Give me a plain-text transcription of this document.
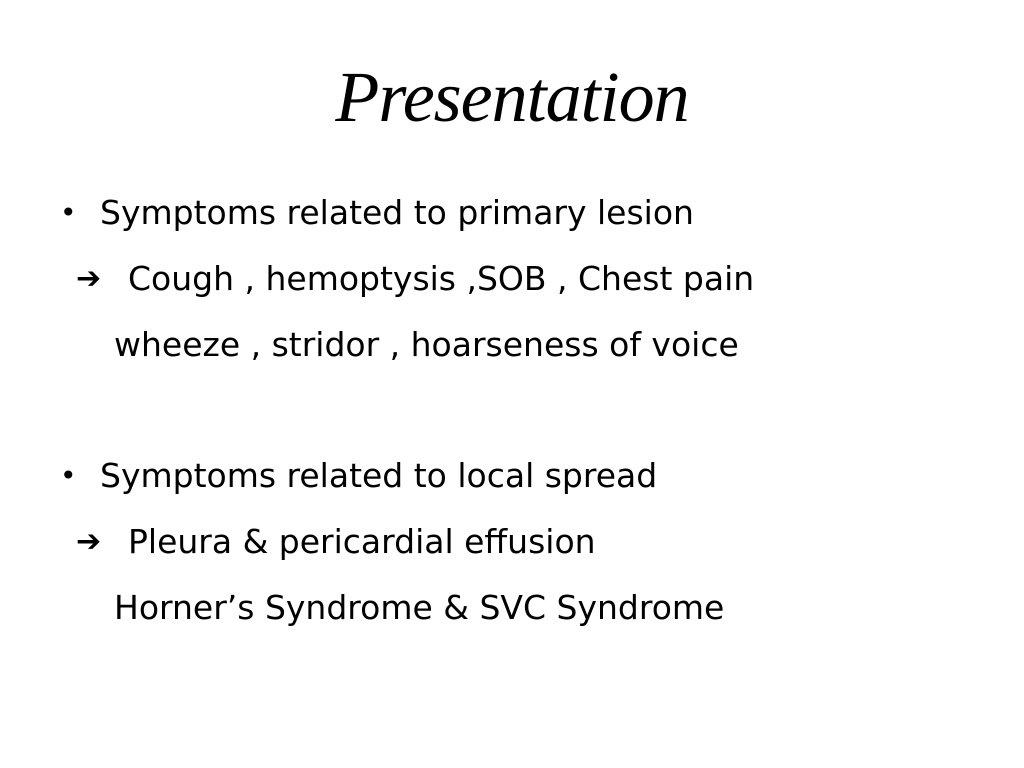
Presentation
• Symptoms related to primary lesion
➔ Cough , hemoptysis ,SOB , Chest pain
wheeze , stridor , hoarseness of voice
• Symptoms related to local spread
➔ Pleura & pericardial effusion
Horner’s Syndrome & SVC Syndrome
